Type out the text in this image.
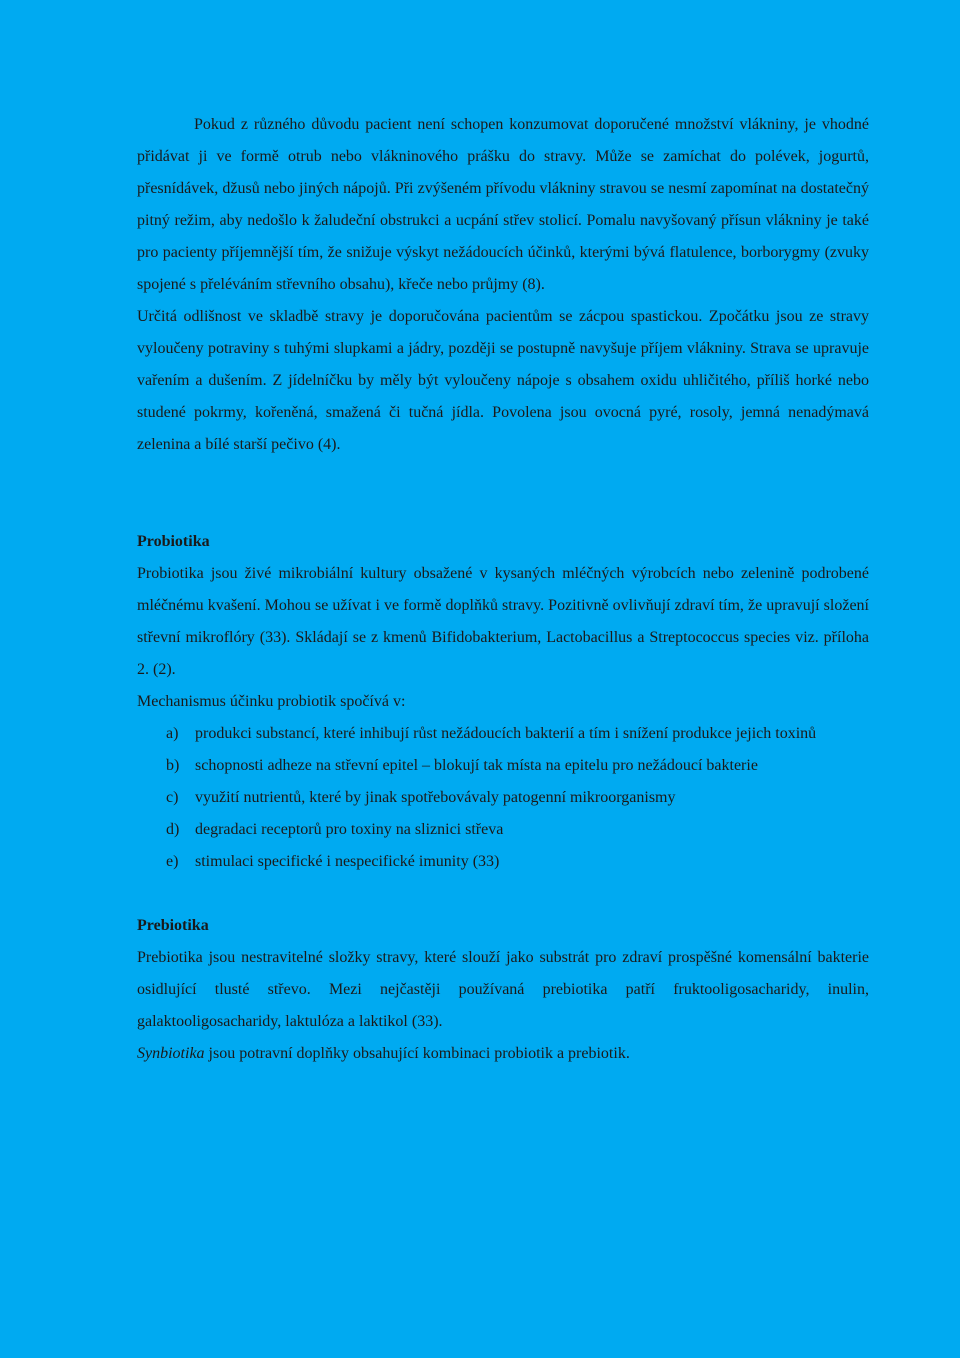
Pokud z různého důvodu pacient není schopen konzumovat doporučené množství vlákniny, je vhodné přidávat ji ve formě otrub nebo vlákninového prášku do stravy. Může se zamíchat do polévek, jogurtů, přesnídávek, džusů nebo jiných nápojů. Při zvýšeném přívodu vlákniny stravou se nesmí zapomínat na dostatečný pitný režim, aby nedošlo k žaludeční obstrukci a ucpání střev stolicí. Pomalu navyšovaný přísun vlákniny je také pro pacienty příjemnější tím, že snižuje výskyt nežádoucích účinků, kterými bývá flatulence, borborygmy (zvuky spojené s přeléváním střevního obsahu), křeče nebo průjmy (8).

Určitá odlišnost ve skladbě stravy je doporučována pacientům se zácpou spastickou. Zpočátku jsou ze stravy vyloučeny potraviny s tuhými slupkami a jádry, později se postupně navyšuje příjem vlákniny. Strava se upravuje vařením a dušením. Z jídelníčku by měly být vyloučeny nápoje s obsahem oxidu uhličitého, příliš horké nebo studené pokrmy, kořeněná, smažená či tučná jídla. Povolena jsou ovocná pyré, rosoly, jemná nenadýmavá zelenina a bílé starší pečivo (4).

Probiotika

Probiotika jsou živé mikrobiální kultury obsažené v kysaných mléčných výrobcích nebo zelenině podrobené mléčnému kvašení. Mohou se užívat i ve formě doplňků stravy. Pozitivně ovlivňují zdraví tím, že upravují složení střevní mikroflóry (33). Skládají se z kmenů Bifidobakterium, Lactobacillus a Streptococcus species viz. příloha 2. (2).

Mechanismus účinku probiotik spočívá v:

a) produkci substancí, které inhibují růst nežádoucích bakterií a tím i snížení produkce jejich toxinů
b) schopnosti adheze na střevní epitel – blokují tak místa na epitelu pro nežádoucí bakterie
c) využití nutrientů, které by jinak spotřebovávaly patogenní mikroorganismy
d) degradaci receptorů pro toxiny na sliznici střeva
e) stimulaci specifické i nespecifické imunity (33)
Prebiotika

Prebiotika jsou nestravitelné složky stravy, které slouží jako substrát pro zdraví prospěšné komensální bakterie osidlující tlusté střevo. Mezi nejčastěji používaná prebiotika patří fruktooligosacharidy, inulin, galaktooligosacharidy, laktulóza a laktikol (33).

Synbiotika jsou potravní doplňky obsahující kombinaci probiotik a prebiotik.
